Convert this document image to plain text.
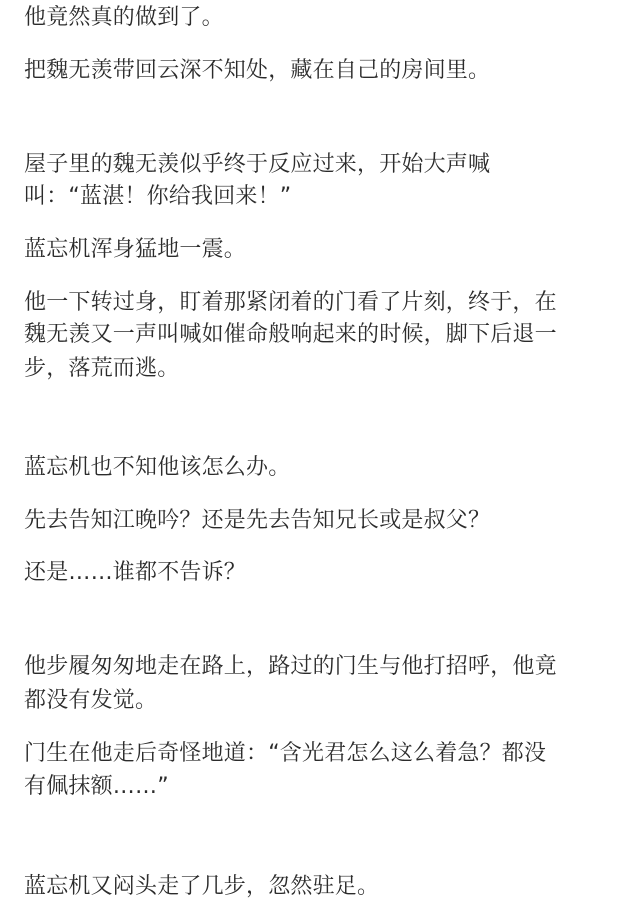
他竟然真的做到了。
把魏无羡带回云深不知处，藏在自己的房间里。
屋子里的魏无羡似乎终于反应过来，开始大声喊
叫：“蓝湛！你给我回来！”
蓝忘机浑身猛地一震。
他一下转过身，盯着那紧闭着的门看了片刻，终于，在
魏无羡又一声叫喊如催命般响起来的时候，脚下后退一
步，落荒而逃。
蓝忘机也不知他该怎么办。
先去告知江晚吟？还是先去告知兄长或是叔父？
还是……谁都不告诉？
他步履匆匆地走在路上，路过的门生与他打招呼，他竟
都没有发觉。
门生在他走后奇怪地道：“含光君怎么这么着急？都没
有佩抹额……”
蓝忘机又闷头走了几步，忽然驻足。
